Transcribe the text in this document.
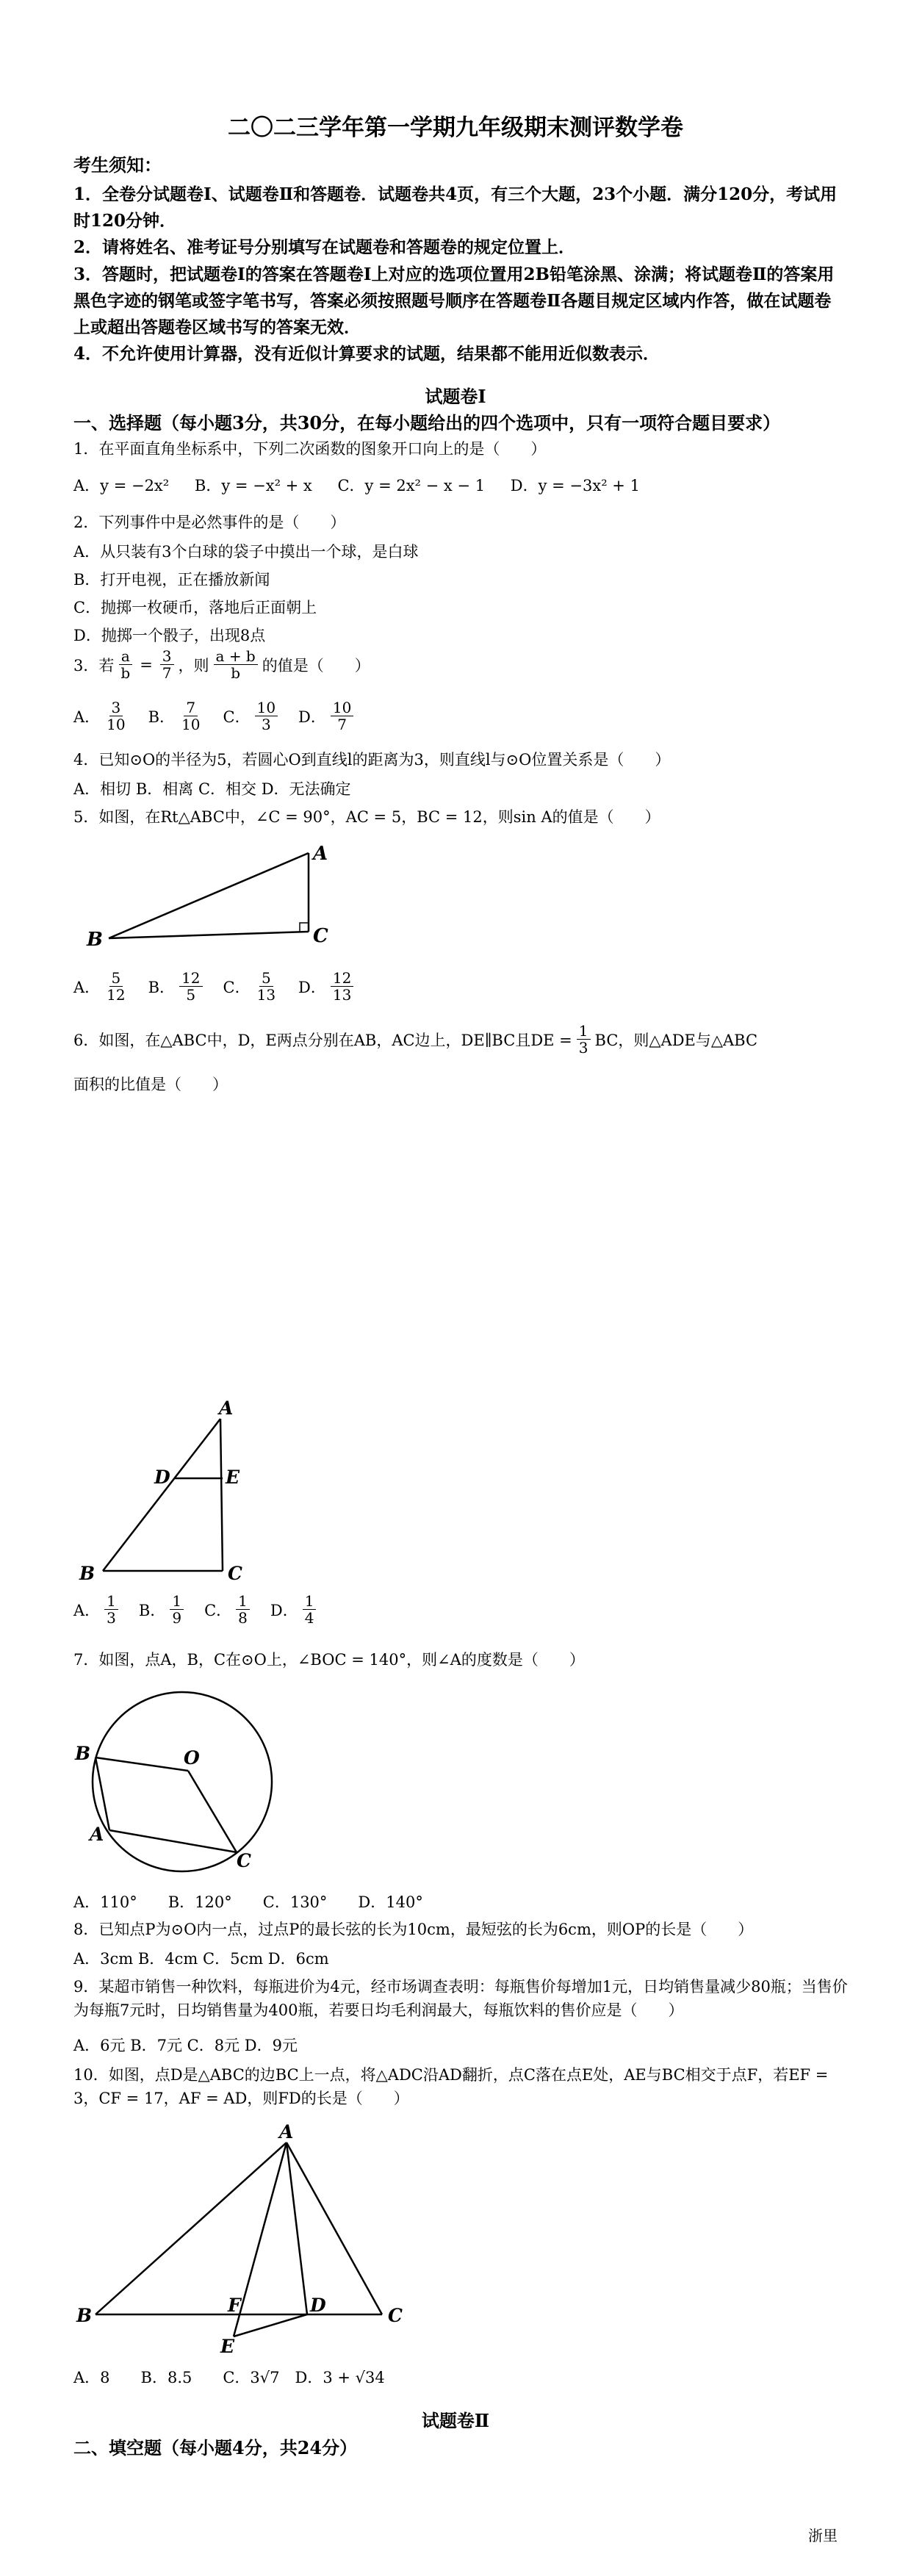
二〇二三学年第一学期九年级期末测评数学卷
考生须知：
1．全卷分试题卷Ⅰ、试题卷Ⅱ和答题卷．试题卷共4页，有三个大题，23个小题．满分120分，考试用时120分钟．
2．请将姓名、准考证号分别填写在试题卷和答题卷的规定位置上．
3．答题时，把试题卷Ⅰ的答案在答题卷Ⅰ上对应的选项位置用2B铅笔涂黑、涂满；将试题卷Ⅱ的答案用黑色字迹的钢笔或签字笔书写，答案必须按照题号顺序在答题卷Ⅱ各题目规定区域内作答，做在试题卷上或超出答题卷区域书写的答案无效．
4．不允许使用计算器，没有近似计算要求的试题，结果都不能用近似数表示．
试题卷Ⅰ
一、选择题（每小题3分，共30分，在每小题给出的四个选项中，只有一项符合题目要求）
1．在平面直角坐标系中，下列二次函数的图象开口向上的是（　　）
A．y = −2x² B．y = −x² + x C．y = 2x² − x − 1 D．y = −3x² + 1
2．下列事件中是必然事件的是（　　）
A．从只装有3个白球的袋子中摸出一个球，是白球
B．打开电视，正在播放新闻
C．抛掷一枚硬币，落地后正面朝上
D．抛掷一个骰子，出现8点
3．若 $\frac{a}{b} = \frac{3}{7}$ ，则 $\frac{a + b}{b}$ 的值是（　　）
A． $\frac{3}{10}$ B． $\frac{7}{10}$ C． $\frac{10}{3}$ D． $\frac{10}{7}$
4．已知⊙O的半径为5，若圆心O到直线l的距离为3，则直线l与⊙O位置关系是（　　）
A．相切 B．相离 C．相交 D．无法确定
5．如图，在Rt△ABC中，∠C = 90°，AC = 5，BC = 12，则sin A的值是（　　）
A
B	C
A． $\frac{5}{12}$ B． $\frac{12}{5}$ C． $\frac{5}{13}$ D． $\frac{12}{13}$
6．如图，在△ABC中，D，E两点分别在AB，AC边上，DE∥BC且DE = $\frac{1}{3}$ BC，则△ADE与△ABC
面积的比值是（　　）
A
D	E
B	C
A． $\frac{1}{3}$ B． $\frac{1}{9}$ C． $\frac{1}{8}$ D． $\frac{1}{4}$
7．如图，点A，B，C在⊙O上，∠BOC = 140°，则∠A的度数是（　　）
B	O
A
C
A．110°　　B．120°　　C．130°　　D．140°
8．已知点P为⊙O内一点，过点P的最长弦的长为10cm，最短弦的长为6cm，则OP的长是（　　）
A．3cm B．4cm C．5cm D．6cm
9．某超市销售一种饮料，每瓶进价为4元，经市场调查表明：每瓶售价每增加1元，日均销售量减少80瓶；当售价为每瓶7元时，日均销售量为400瓶，若要日均毛利润最大，每瓶饮料的售价应是（　　）
A．6元 B．7元 C．8元 D．9元
10．如图，点D是△ABC的边BC上一点，将△ADC沿AD翻折，点C落在点E处，AE与BC相交于点F，若EF = 3，CF = 17，AF = AD，则FD的长是（　　）
A
B	F	D	C
E
A．8　　B．8.5　　C．3√7　D．3 + √34
试题卷Ⅱ
二、填空题（每小题4分，共24分）
浙里
